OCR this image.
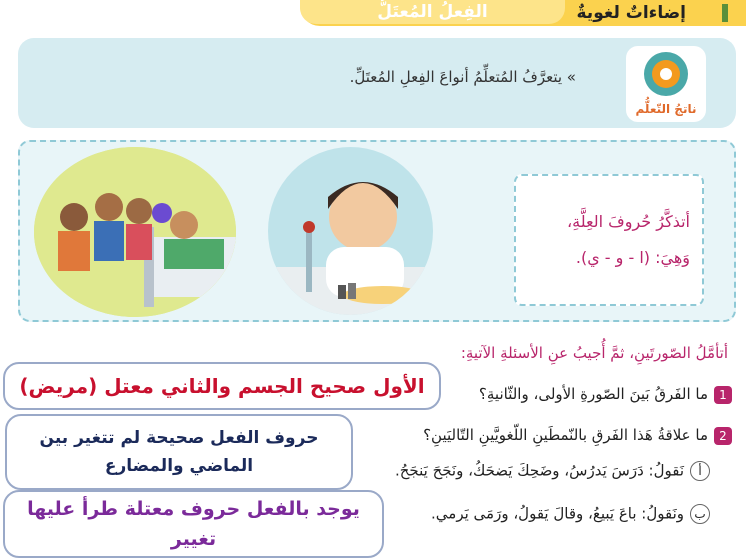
الفِعلُ المُعتَلُّ	إضاءاتٌ لغويةٌ
ناتجُ التّعلُّم
» يتعرَّفُ المُتعلِّمُ أنواعَ الفِعلِ المُعتَلِّ.
أتذكَّرُ حُروفَ العِلَّةِ،
وَهِيَ: (ا - و - ي).
أتأمَّلُ الصّورتَينِ، ثمَّ أُجيبُ عنِ الأسئلةِ الآتيةِ:
1ما الفَرقُ بَينَ الصّورةِ الأولى، والثّانيةِ؟
2ما علاقةُ هَذا الفَرقِ بالنّمطَينِ اللّغويَّينِ التّاليَينِ؟
أنَقولُ: دَرَسَ يَدرُسُ، وضَحِكَ يَضحَكُ، ونَجَحَ يَنجَحُ.
بونَقولُ: باعَ يَبيعُ، وقالَ يَقولُ، ورَمَى يَرمي.
الأول صحيح الجسم والثاني معتل (مريض)
حروف الفعل صحيحة لم تتغير بين الماضي والمضارع
يوجد بالفعل حروف معتلة طرأ عليها تغيير
